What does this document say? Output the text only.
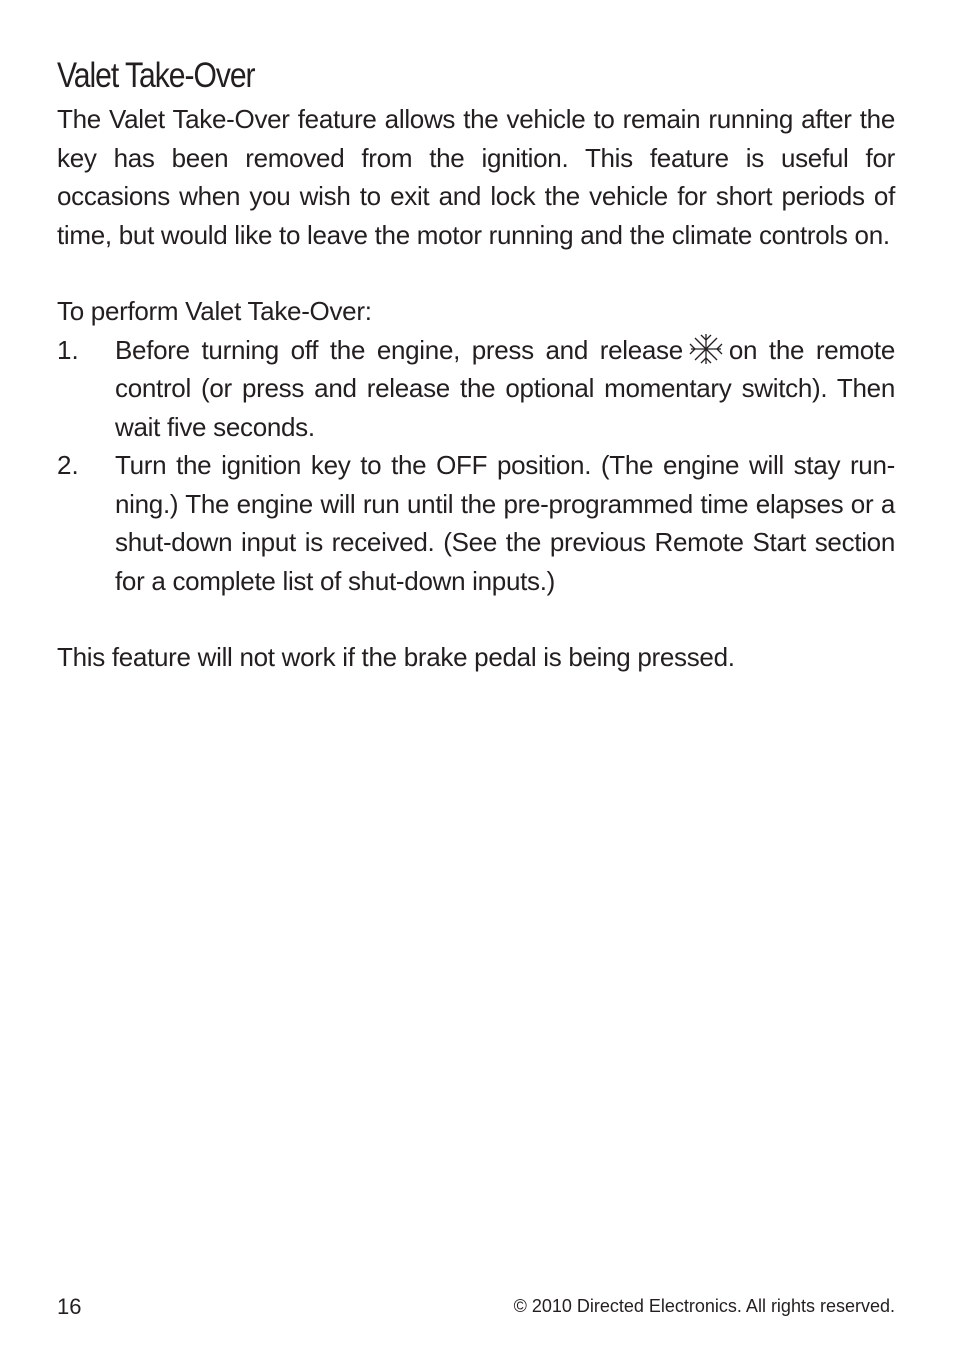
Valet Take-Over

The Valet Take-Over feature allows the vehicle to remain running after the key has been removed from the ignition. This feature is useful for occasions when you wish to exit and lock the vehicle for short periods of time, but would like to leave the motor running and the climate controls on.

To perform Valet Take-Over:

1. Before turning off the engine, press and release on the remote control (or press and release the optional momentary switch). Then wait five seconds.

2. Turn the ignition key to the OFF position. (The engine will stay run-ning.) The engine will run until the pre-programmed time elapses or a shut-down input is received. (See the previous Remote Start section for a complete list of shut-down inputs.)

This feature will not work if the brake pedal is being pressed.

16	© 2010 Directed Electronics. All rights reserved.
